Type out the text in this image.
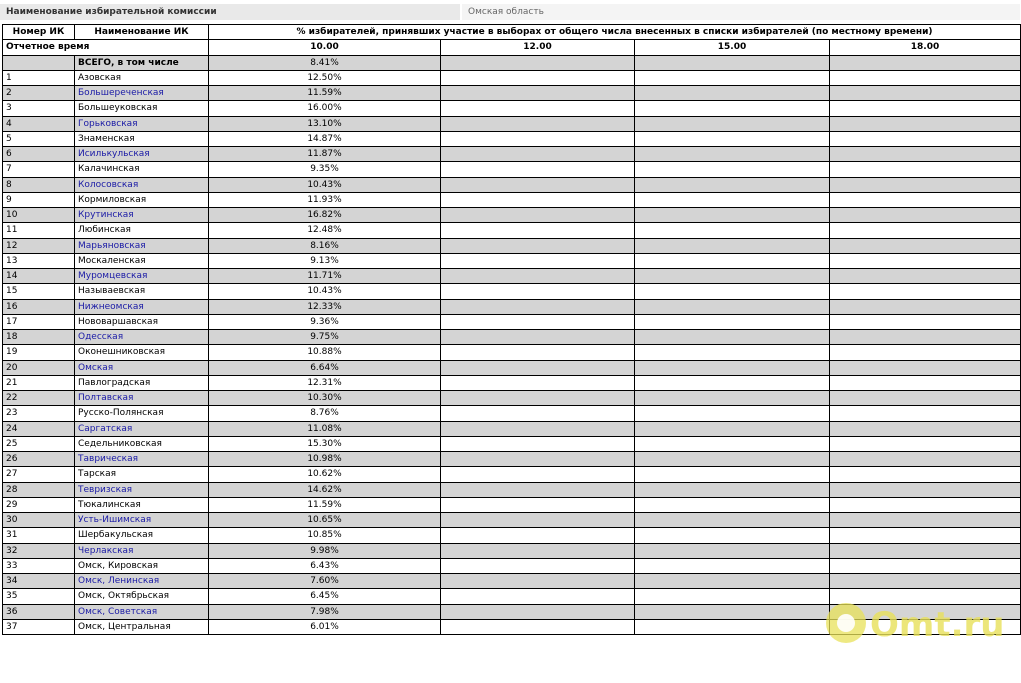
Наименование избирательной комиссии	Омская область
Номер ИК	Наименование ИК	% избирателей, принявших участие в выборах от общего числа внесенных в списки избирателей (по местному времени)			
Отчетное время		10.00	12.00	15.00	18.00
	ВСЕГО, в том числе	8.41%			
1	Азовская	12.50%			
2	Большереченская	11.59%			
3	Большеуковская	16.00%			
4	Горьковская	13.10%			
5	Знаменская	14.87%			
6	Исилькульская	11.87%			
7	Калачинская	9.35%			
8	Колосовская	10.43%			
9	Кормиловская	11.93%			
10	Крутинская	16.82%			
11	Любинская	12.48%			
12	Марьяновская	8.16%			
13	Москаленская	9.13%			
14	Муромцевская	11.71%			
15	Называевская	10.43%			
16	Нижнеомская	12.33%			
17	Нововаршавская	9.36%			
18	Одесская	9.75%			
19	Оконешниковская	10.88%			
20	Омская	6.64%			
21	Павлоградская	12.31%			
22	Полтавская	10.30%			
23	Русско-Полянская	8.76%			
24	Саргатская	11.08%			
25	Седельниковская	15.30%			
26	Таврическая	10.98%			
27	Тарская	10.62%			
28	Тевризская	14.62%			
29	Тюкалинская	11.59%			
30	Усть-Ишимская	10.65%			
31	Шербакульская	10.85%			
32	Черлакская	9.98%			
33	Омск, Кировская	6.43%			
34	Омск, Ленинская	7.60%			
35	Омск, Октябрьская	6.45%			
36	Омск, Советская	7.98%			
37	Омск, Центральная	6.01%				Omt.ru
